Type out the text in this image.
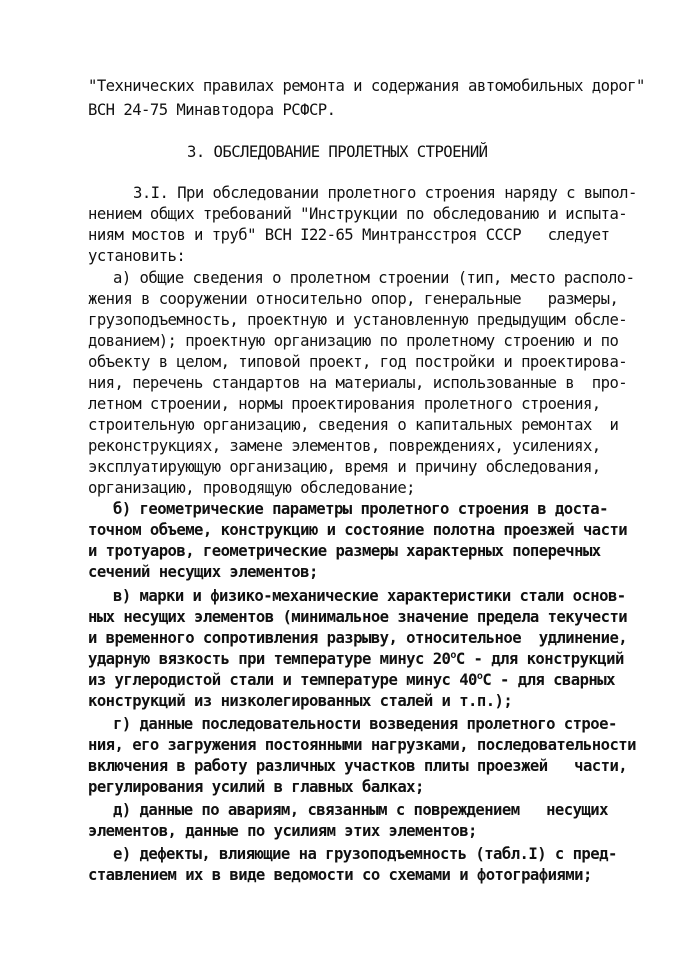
"Технических правилах ремонта и содержания автомобильных дорог"
ВСН 24-75 Минавтодора РСФСР.
3. ОБСЛЕДОВАНИЕ ПРОЛЕТНЫХ СТРОЕНИЙ
3.I. При обследовании пролетного строения наряду с выпол-
нением общих требований "Инструкции по обследованию и испыта-
ниям мостов и труб" ВСН I22-65 Минтрансстроя СССР   следует
установить:
а) общие сведения о пролетном строении (тип, место располо-
жения в сооружении относительно опор, генеральные   размеры,
грузоподъемность, проектную и установленную предыдущим обсле-
дованием); проектную организацию по пролетному строению и по
объекту в целом, типовой проект, год постройки и проектирова-
ния, перечень стандартов на материалы, использованные в  про-
летном строении, нормы проектирования пролетного строения,
строительную организацию, сведения о капитальных ремонтах  и
реконструкциях, замене элементов, повреждениях, усилениях,
эксплуатирующую организацию, время и причину обследования,
организацию, проводящую обследование;
б) геометрические параметры пролетного строения в доста-
точном объеме, конструкцию и состояние полотна проезжей части
и тротуаров, геометрические размеры характерных поперечных
сечений несущих элементов;
в) марки и физико-механические характеристики стали основ-
ных несущих элементов (минимальное значение предела текучести
и временного сопротивления разрыву, относительное  удлинение,
ударную вязкость при температуре минус $20^оС$ - для конструкций
из углеродистой стали и температуре минус $40^оС$ - для сварных
конструкций из низколегированных сталей и т.п.);
г) данные последовательности возведения пролетного строе-
ния, его загружения постоянными нагрузками, последовательности
включения в работу различных участков плиты проезжей   части,
регулирования усилий в главных балках;
д) данные по авариям, связанным с повреждением   несущих
элементов, данные по усилиям этих элементов;
е) дефекты, влияющие на грузоподъемность (табл.I) с пред-
ставлением их в виде ведомости со схемами и фотографиями;
